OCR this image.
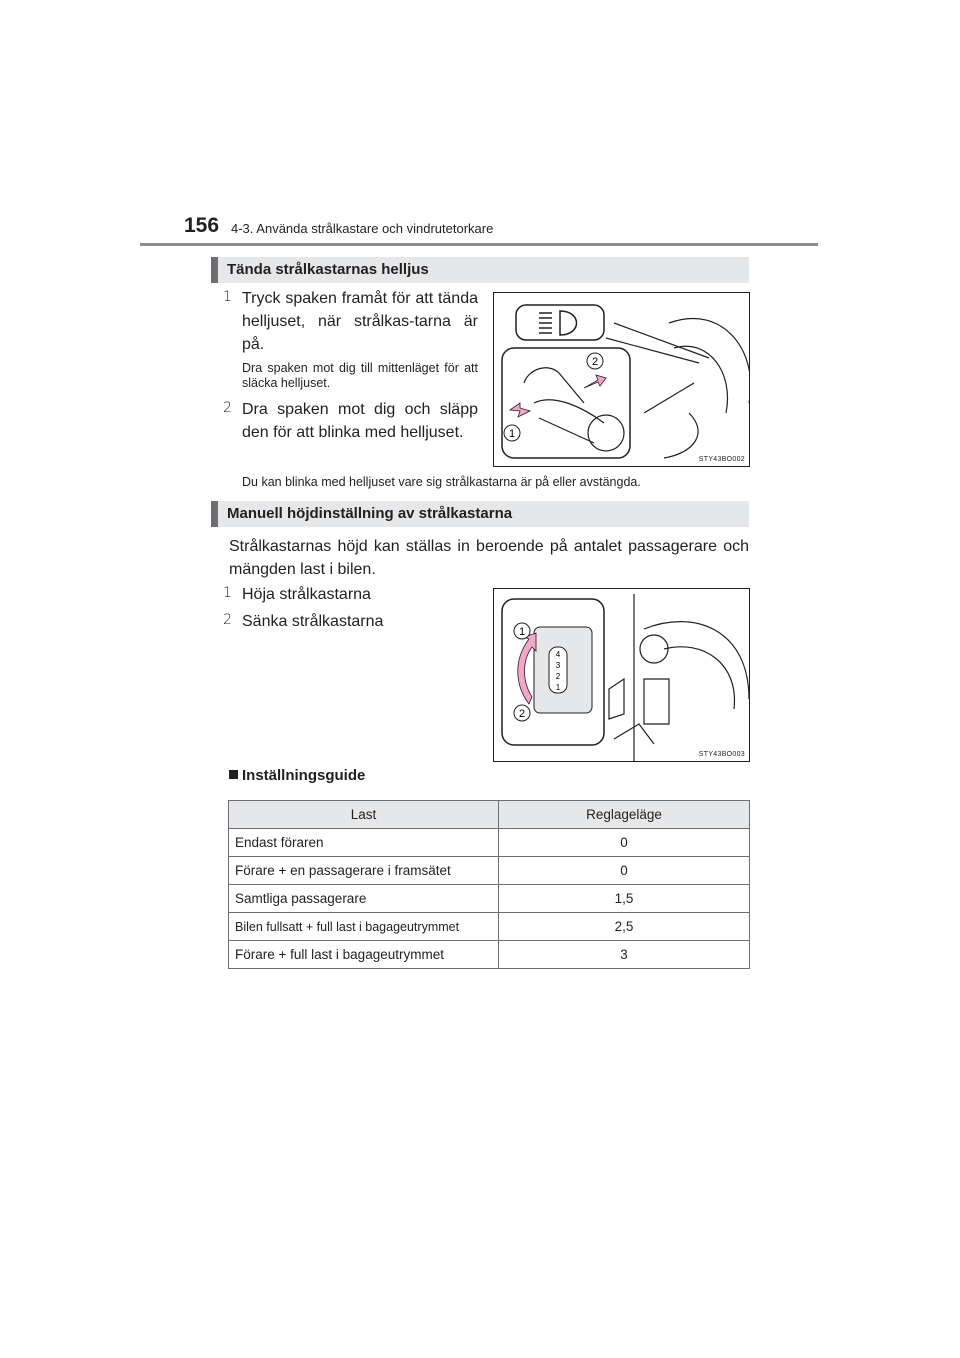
156 4-3. Använda strålkastare och vindrutetorkare
Tända strålkastarnas helljus
1 Tryck spaken framåt för att tända helljuset, när strålkas-tarna är på.
Dra spaken mot dig till mittenläget för att släcka helljuset.
2 Dra spaken mot dig och släpp den för att blinka med helljuset.
2
1
STY43BO002
Du kan blinka med helljuset vare sig strålkastarna är på eller avstängda.
Manuell höjdinställning av strålkastarna
Strålkastarnas höjd kan ställas in beroende på antalet passagerare och mängden last i bilen.
1 Höja strålkastarna
2 Sänka strålkastarna
4
3
2
1
1
2
STY43BO003
Inställningsguide
Last	Reglageläge
Endast föraren	0
Förare + en passagerare i framsätet	0
Samtliga passagerare	1,5
Bilen fullsatt + full last i bagageutrymmet	2,5
Förare + full last i bagageutrymmet	3
